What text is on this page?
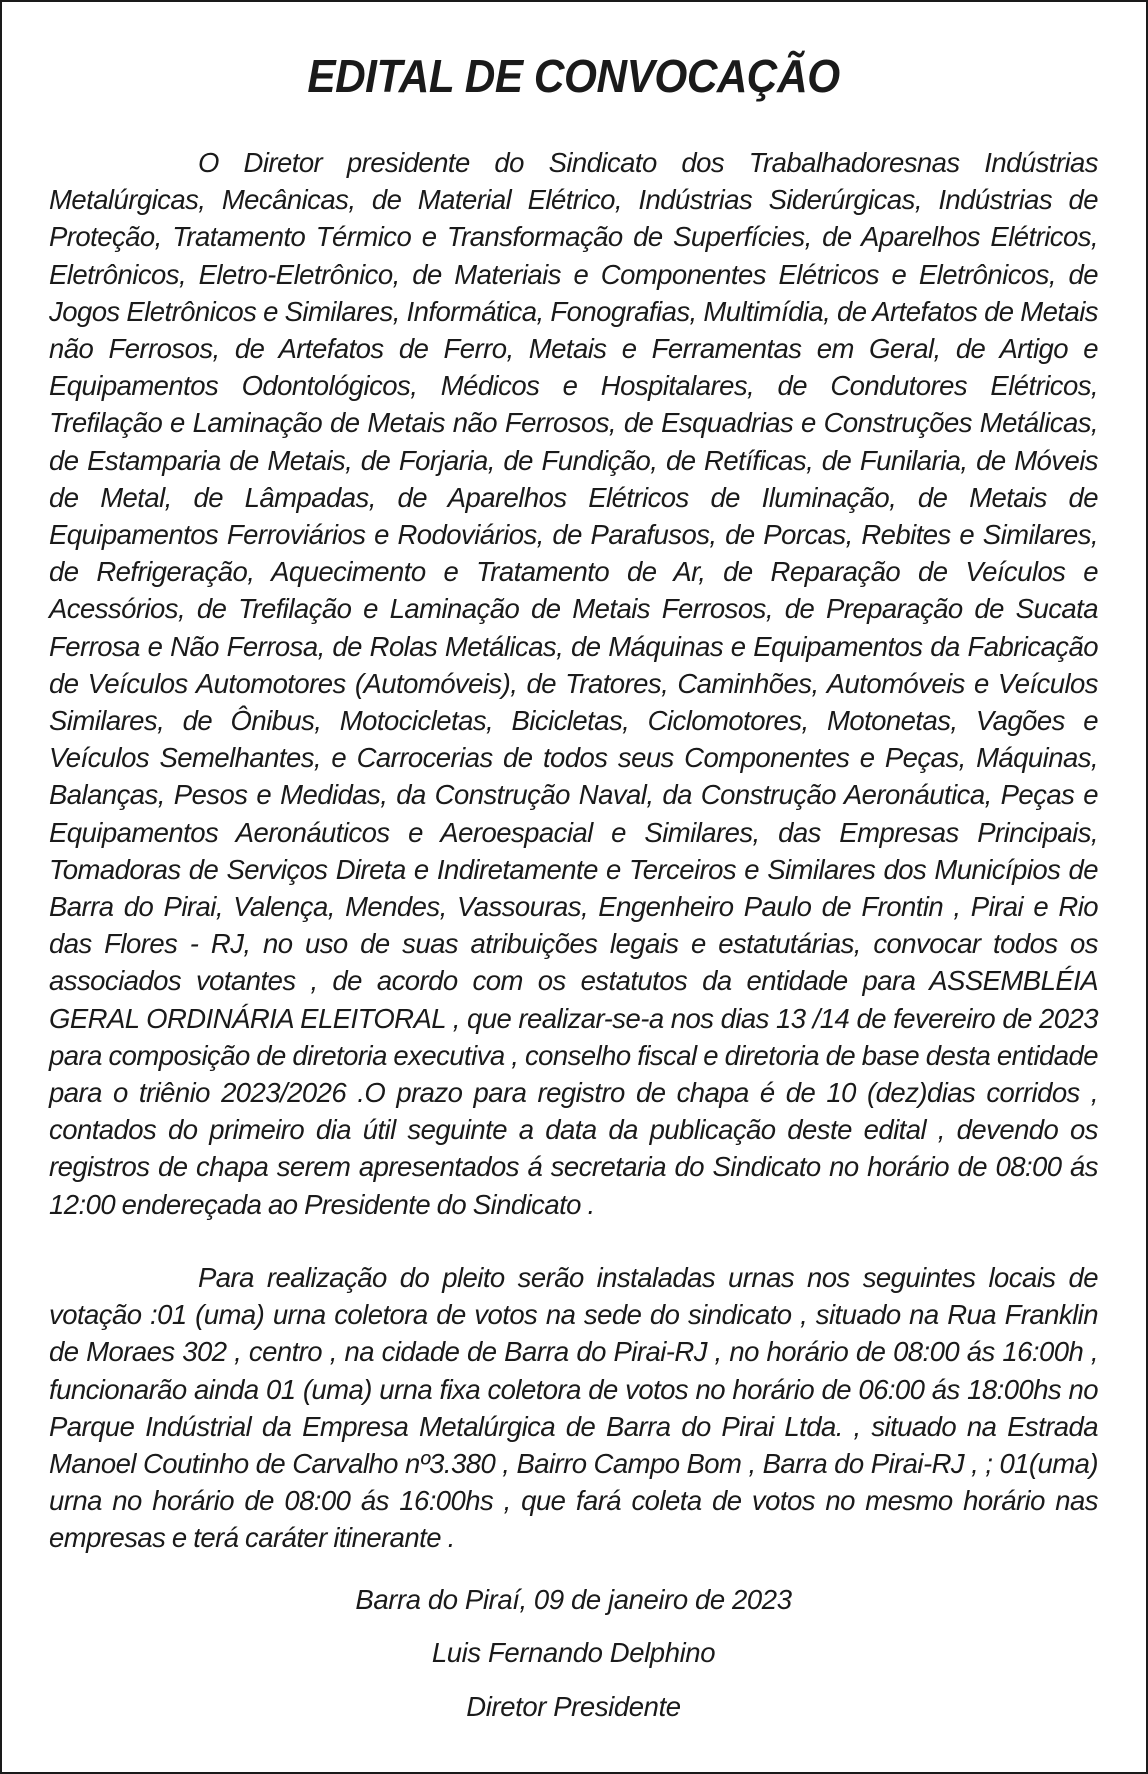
EDITAL DE CONVOCAÇÃO

O Diretor presidente do Sindicato dos Trabalhadoresnas Indústrias Metalúrgicas, Mecânicas, de Material Elétrico, Indústrias Siderúrgicas, Indústrias de Proteção, Tratamento Térmico e Transformação de Superfícies, de Aparelhos Elétricos, Eletrônicos, Eletro-Eletrônico, de Materiais e Componentes Elétricos e Eletrônicos, de Jogos Eletrônicos e Similares, Informática, Fonografias, Multimídia, de Artefatos de Metais não Ferrosos, de Artefatos de Ferro, Metais e Ferramentas em Geral, de Artigo e Equipamentos Odontológicos, Médicos e Hospitalares, de Condutores Elétricos, Trefilação e Laminação de Metais não Ferrosos, de Esquadrias e Construções Metálicas, de Estamparia de Metais, de Forjaria, de Fundição, de Retíficas, de Funilaria, de Móveis de Metal, de Lâmpadas, de Aparelhos Elétricos de Iluminação, de Metais de Equipamentos Ferroviários e Rodoviários, de Parafusos, de Porcas, Rebites e Similares, de Refrigeração, Aquecimento e Tratamento de Ar, de Reparação de Veículos e Acessórios, de Trefilação e Laminação de Metais Ferrosos, de Preparação de Sucata Ferrosa e Não Ferrosa, de Rolas Metálicas, de Máquinas e Equipamentos da Fabricação de Veículos Automotores (Automóveis), de Tratores, Caminhões, Automóveis e Veículos Similares, de Ônibus, Motocicletas, Bicicletas, Ciclomotores, Motonetas, Vagões e Veículos Semelhantes, e Carrocerias de todos seus Componentes e Peças, Máquinas, Balanças, Pesos e Medidas, da Construção Naval, da Construção Aeronáutica, Peças e Equipamentos Aeronáuticos e Aeroespacial e Similares, das Empresas Principais, Tomadoras de Serviços Direta e Indiretamente e Terceiros e Similares dos Municípios de Barra do Pirai, Valença, Mendes, Vassouras, Engenheiro Paulo de Frontin , Pirai e Rio das Flores - RJ, no uso de suas atribuições legais e estatutárias, convocar todos os associados votantes , de acordo com os estatutos da entidade para ASSEMBLÉIA GERAL ORDINÁRIA ELEITORAL , que realizar-se-a nos dias 13 /14 de fevereiro de 2023 para composição de diretoria executiva , conselho fiscal e diretoria de base desta entidade para o triênio 2023/2026 .O prazo para registro de chapa é de 10 (dez)dias corridos , contados do primeiro dia útil seguinte a data da publicação deste edital , devendo os registros de chapa serem apresentados á secretaria do Sindicato no horário de 08:00 ás 12:00 endereçada ao Presidente do Sindicato .

Para realização do pleito serão instaladas urnas nos seguintes locais de votação :01 (uma) urna coletora de votos na sede do sindicato , situado na Rua Franklin de Moraes 302 , centro , na cidade de Barra do Pirai-RJ , no horário de 08:00 ás 16:00h , funcionarão ainda 01 (uma) urna fixa coletora de votos no horário de 06:00 ás 18:00hs no Parque Indústrial da Empresa Metalúrgica de Barra do Pirai Ltda. , situado na Estrada Manoel Coutinho de Carvalho nº3.380 , Bairro Campo Bom , Barra do Pirai-RJ , ; 01(uma) urna no horário de 08:00 ás 16:00hs , que fará coleta de votos no mesmo horário nas empresas e terá caráter itinerante .

Barra do Piraí, 09 de janeiro de 2023
Luis Fernando Delphino
Diretor Presidente
